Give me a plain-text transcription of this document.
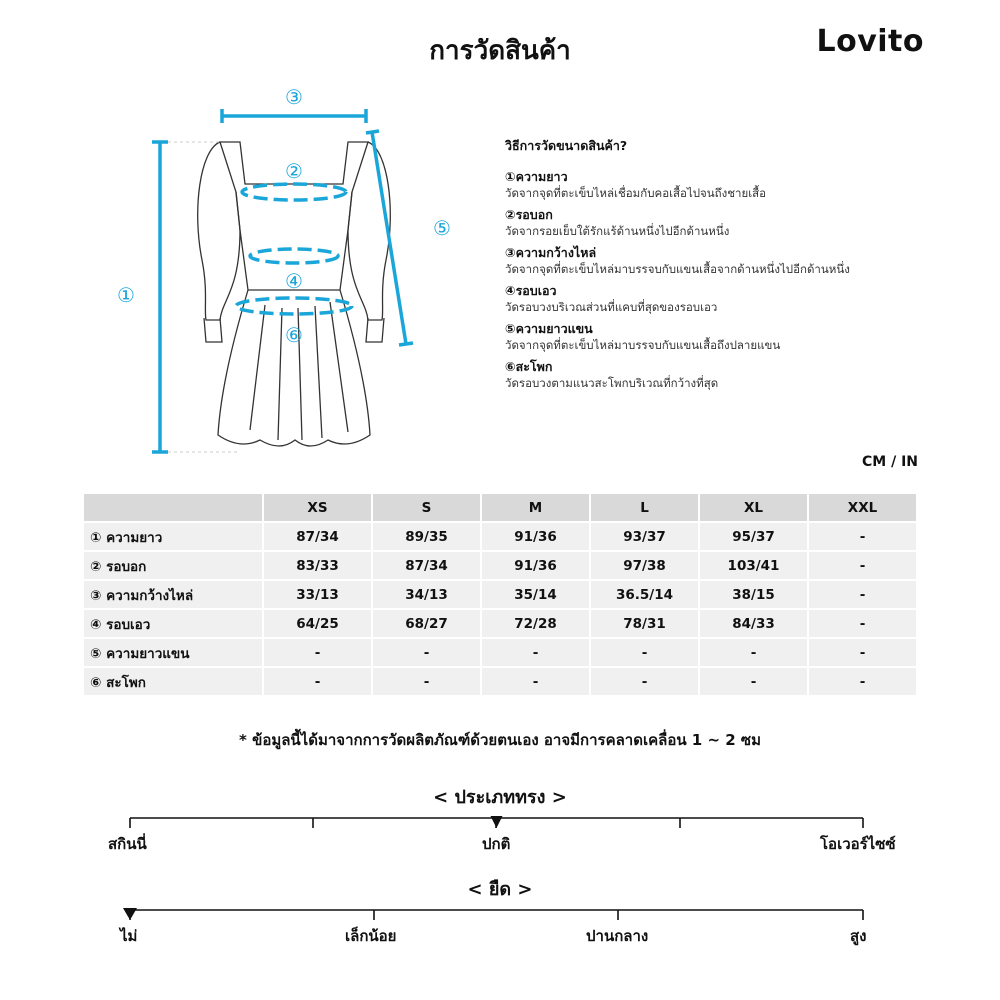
การวัดสินค้า	Lovito
①
②
③
④
⑤
⑥
วิธีการวัดขนาดสินค้า?
①ความยาว
วัดจากจุดที่ตะเข็บไหล่เชื่อมกับคอเสื้อไปจนถึงชายเสื้อ
②รอบอก
วัดจากรอยเย็บใต้รักแร้ด้านหนึ่งไปอีกด้านหนึ่ง
③ความกว้างไหล่
วัดจากจุดที่ตะเข็บไหล่มาบรรจบกับแขนเสื้อจากด้านหนึ่งไปอีกด้านหนึ่ง
④รอบเอว
วัดรอบวงบริเวณส่วนที่แคบที่สุดของรอบเอว
⑤ความยาวแขน
วัดจากจุดที่ตะเข็บไหล่มาบรรจบกับแขนเสื้อถึงปลายแขน
⑥สะโพก
วัดรอบวงตามแนวสะโพกบริเวณที่กว้างที่สุด
CM / IN
	XS	S	M	L	XL	XXL
① ความยาว	87/34	89/35	91/36	93/37	95/37	-
② รอบอก	83/33	87/34	91/36	97/38	103/41	-
③ ความกว้างไหล่	33/13	34/13	35/14	36.5/14	38/15	-
④ รอบเอว	64/25	68/27	72/28	78/31	84/33	-
⑤ ความยาวแขน	-	-	-	-	-	-
⑥ สะโพก	-	-	-	-	-	-
* ข้อมูลนี้ได้มาจากการวัดผลิตภัณฑ์ด้วยตนเอง อาจมีการคลาดเคลื่อน 1 ~ 2 ซม
< ประเภททรง >
สกินนี่	ปกติ	โอเวอร์ไซซ์
< ยืด >
ไม่	เล็กน้อย	ปานกลาง	สูง
